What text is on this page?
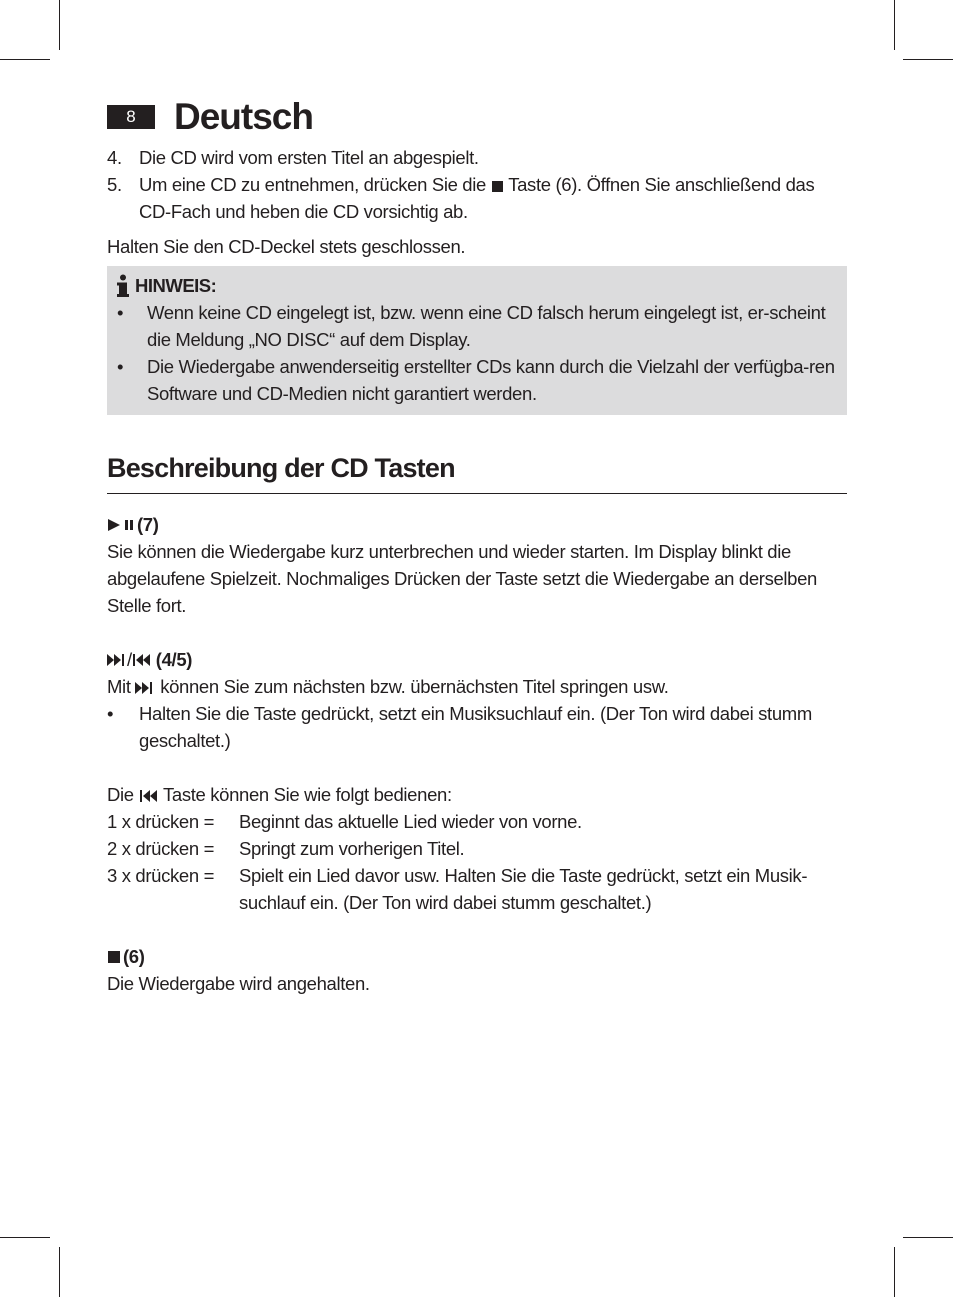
8	Deutsch
4. Die CD wird vom ersten Titel an abgespielt.
5. Um eine CD zu entnehmen, drücken Sie die Taste (6). Öffnen Sie anschließend das CD-Fach und heben die CD vorsichtig ab.

Halten Sie den CD-Deckel stets geschlossen.

HINWEIS:
• Wenn keine CD eingelegt ist, bzw. wenn eine CD falsch herum eingelegt ist, er-scheint die Meldung „NO DISC“ auf dem Display.
• Die Wiedergabe anwenderseitig erstellter CDs kann durch die Vielzahl der verfügba-ren Software und CD-Medien nicht garantiert werden.
Beschreibung der CD Tasten
(7)

Sie können die Wiedergabe kurz unterbrechen und wieder starten. Im Display blinkt die abgelaufene Spielzeit. Nochmaliges Drücken der Taste setzt die Wiedergabe an derselben Stelle fort.

/ (4/5)

Mit können Sie zum nächsten bzw. übernächsten Titel springen usw.

• Halten Sie die Taste gedrückt, setzt ein Musiksuchlauf ein. (Der Ton wird dabei stumm geschaltet.)

Die Taste können Sie wie folgt bedienen:

1 x drücken =	Beginnt das aktuelle Lied wieder von vorne.
2 x drücken =	Springt zum vorherigen Titel.
3 x drücken =	Spielt ein Lied davor usw. Halten Sie die Taste gedrückt, setzt ein Musik-suchlauf ein. (Der Ton wird dabei stumm geschaltet.)
(6)

Die Wiedergabe wird angehalten.
